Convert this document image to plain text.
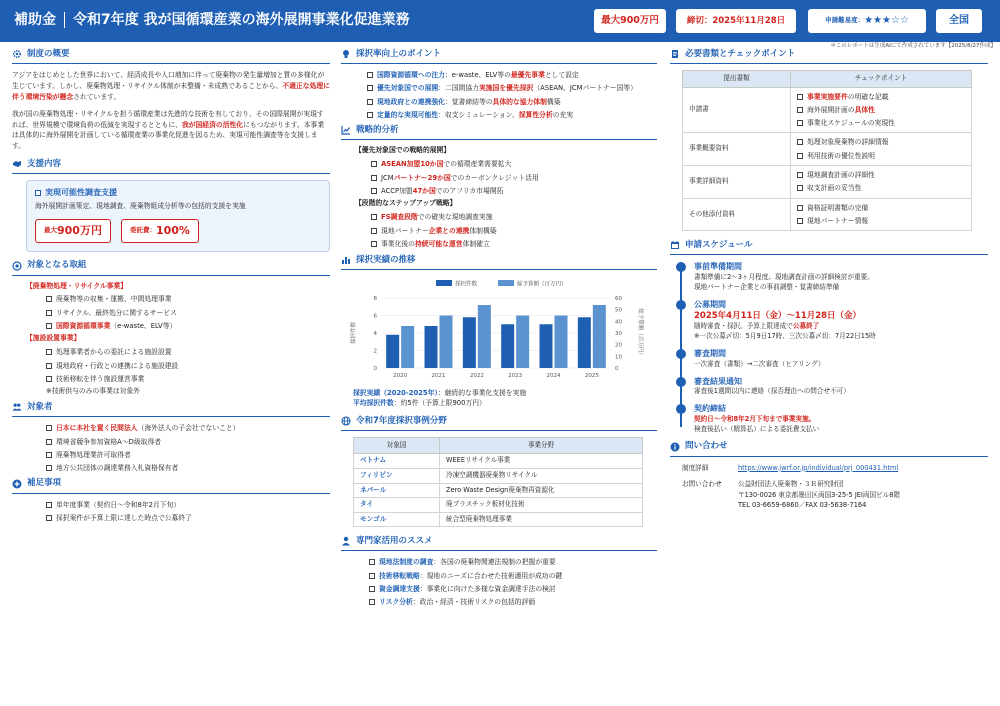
補助金 令和7年度 我が国循環産業の海外展開事業化促進業務	最大900万円	締切：2025年11月28日	申請難易度： ★★★☆☆	全国
＊このレポートは生成AIにて作成されています【2025/8/27作成】
制度の概要

アジアをはじめとした世界において、経済成長や人口増加に伴って廃棄物の発生量増加と質の多様化が生じています。しかし、廃棄物処理・リサイクル体制が未整備・未成熟であることから、不適正な処理に伴う環境汚染が懸念されています。

我が国の廃棄物処理・リサイクルを担う循環産業は先進的な技術を有しており、その国際展開が実現すれば、世界規模で環境負荷の低減を実現するとともに、我が国経済の活性化にもつながります。本事業は具体的に海外展開を計画している循環産業の事業化促進を図るため、実現可能性調査等を支援します。

支援内容
実現可能性調査支援
海外展開計画策定、現地調査、廃棄物組成分析等の包括的支援を実施
最大 900万円	委託費： 100%
対象となる取組
【廃棄物処理・リサイクル事業】
廃棄物等の収集・運搬、中間処理事業
リサイクル、最終処分に関するサービス
国際資源循環事業（e-waste、ELV等）
【施設設置事業】
処理事業者からの委託による施設設置
現地政府・行政との連携による施設建設
技術移転を伴う施設運営事業
※技術供与のみの事業は対象外
対象者
日本に本社を置く民間法人（海外法人の子会社でないこと）
環境省競争参加資格A〜D級取得者
廃棄物処理業許可取得者
地方公共団体の調達業務入札資格保有者
補足事項
単年度事業（契約日〜令和8年2月下旬）
採択案件が予算上限に達した時点で公募終了
採択率向上のポイント
国際資源循環への注力：e-waste、ELV等の最優先事業として設定
優先対象国での展開：二国間協力実施国を優先採択（ASEAN、JCMパートナー国等）
現地政府との連携強化：覚書締結等の具体的な協力体制構築
定量的な実現可能性：収支シミュレーション、採算性分析の充実
戦略的分析
【優先対象国での戦略的展開】
ASEAN加盟10か国での循環産業需要拡大
JCMパートナー29か国でのカーボンクレジット活用
ACCP加盟47か国でのアフリカ市場開拓
【段階的なステップアップ戦略】
FS調査段階での確実な現地調査実施
現地パートナー企業との連携体制構築
事業化後の持続可能な運営体制確立
採択実績の推移
0
2
4
6
8
0
10
20
30
40
50
60
2020	2021	2022	2023	2024	2025
採択件数	総予算額（百万円）
採択件数	総予算額（百万円）
採択実績（2020-2025年）：継続的な事業化支援を実施
平均採択件数：約5件（予算上限900万円）
令和7年度採択事例分野
対象国	事業分野
ベトナム	WEEEリサイクル事業
フィリピン	冷凍空調機器廃棄物リサイクル
ネパール	Zero Waste Design廃棄物再資源化
タイ	廃プラスチック板材化技術
モンゴル	統合型廃棄物処理事業
専門家活用のススメ
現地法制度の調査：各国の廃棄物関連法規制の把握が重要
技術移転戦略：現地のニーズに合わせた技術適用が成功の鍵
資金調達支援：事業化に向けた多様な資金調達手法の検討
リスク分析：政治・経済・技術リスクの包括的評価
必要書類とチェックポイント
提出書類	チェックポイント
申請書	事業実施要件の明確な記載
海外展開計画の具体性
事業化スケジュールの実現性

事業概要資料	処理対象廃棄物の詳細情報
利用技術の優位性説明

事業詳細資料	現地調査計画の詳細性
収支計画の妥当性

その他添付資料	資格証明書類の完備
現地パートナー情報
申請スケジュール
事前準備期間
書類準備に2〜3ヶ月程度。現地調査計画の詳細検討が重要。
現地パートナー企業との事前調整・覚書締結準備
公募期間
2025年4月11日（金）〜11月28日（金）
随時審査・採択。予算上限達成で公募終了
※一次公募〆切：5月9日17時、三次公募〆切：7月22日15時
審査期間
一次審査（書類）→二次審査（ヒアリング）
審査結果通知
審査後1週間以内に連絡（採否理由への問合せ不可）
契約締結
契約日〜令和8年2月下旬まで事業実施。
検査後払い（精算払）による委託費支払い
問い合わせ
制度詳細	https://www.jwrf.or.jp/individual/prj_000431.html
お問い合わせ	公益財団法人廃棄物・３Ｒ研究財団
〒130-0026 東京都墨田区両国3-25-5 JEI両国ビル8階
TEL 03-6659-6860／FAX 03-5638-7164
